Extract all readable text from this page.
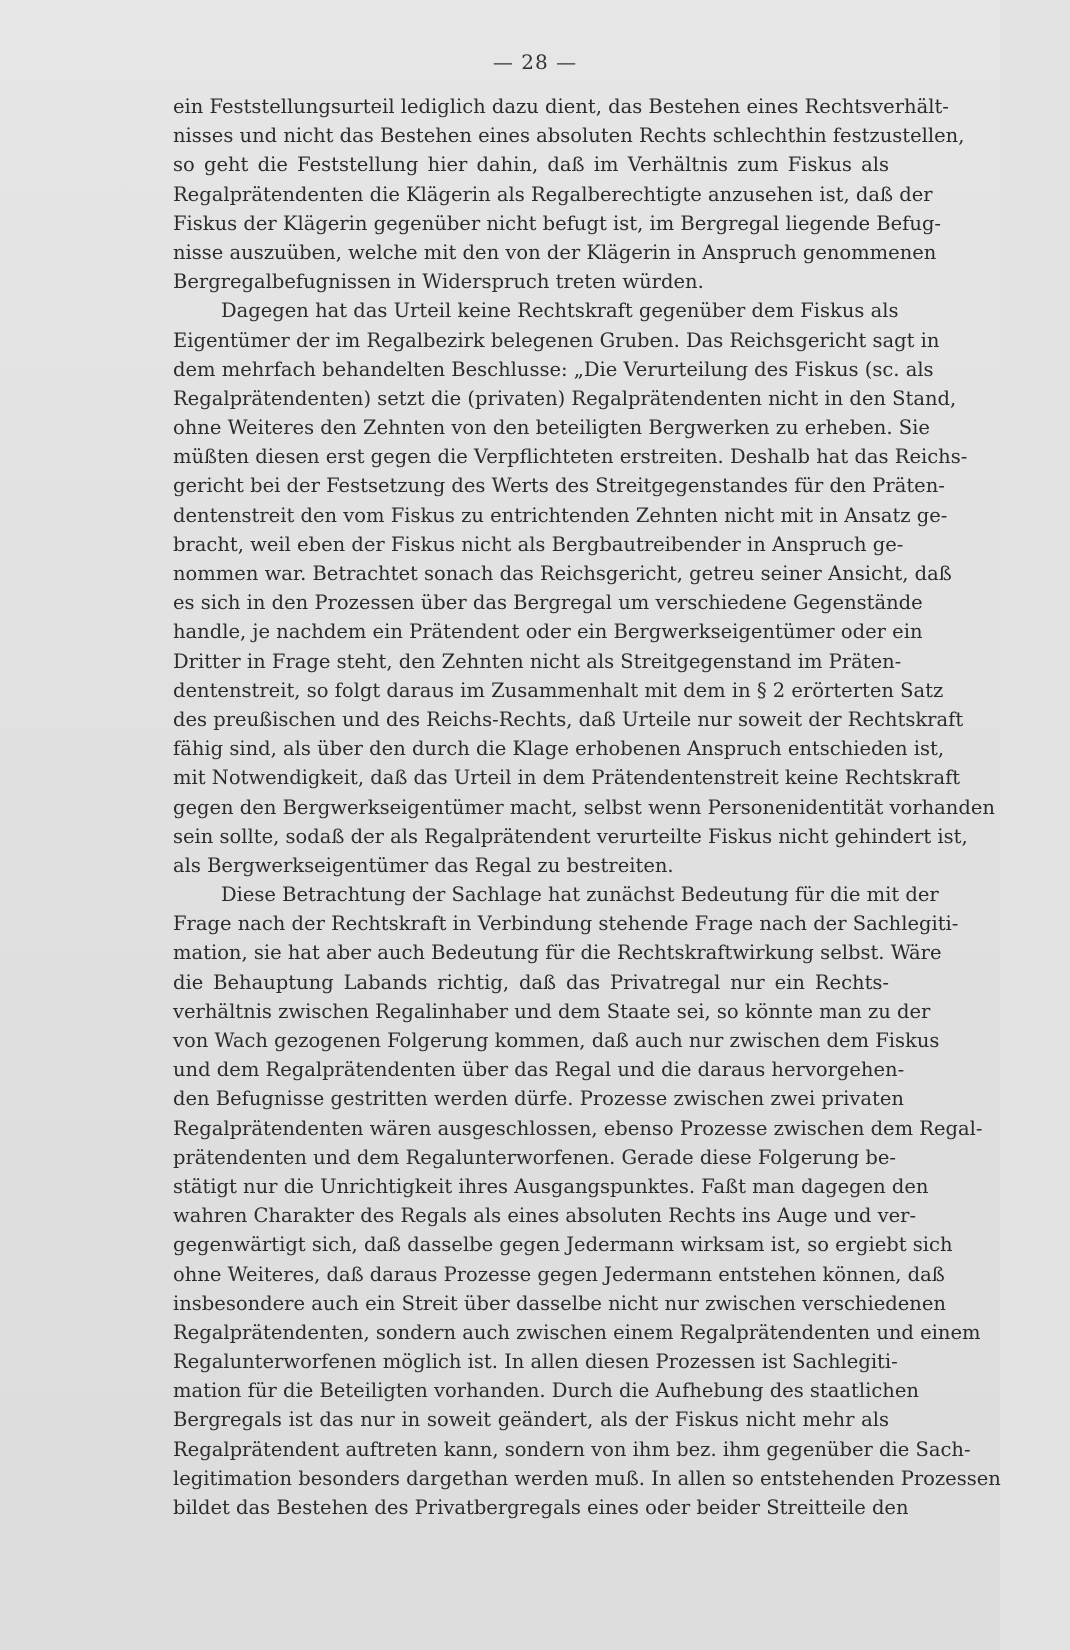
— 28 —
ein Feststellungsurteil lediglich dazu dient, das Bestehen eines Rechtsverhält-
nisses und nicht das Bestehen eines absoluten Rechts schlechthin festzustellen,
so geht die Feststellung hier dahin, daß im Verhältnis zum Fiskus als
Regalprätendenten die Klägerin als Regalberechtigte anzusehen ist, daß der
Fiskus der Klägerin gegenüber nicht befugt ist, im Bergregal liegende Befug-
nisse auszuüben, welche mit den von der Klägerin in Anspruch genommenen
Bergregalbefugnissen in Widerspruch treten würden.
Dagegen hat das Urteil keine Rechtskraft gegenüber dem Fiskus als
Eigentümer der im Regalbezirk belegenen Gruben. Das Reichsgericht sagt in
dem mehrfach behandelten Beschlusse: „Die Verurteilung des Fiskus (sc. als
Regalprätendenten) setzt die (privaten) Regalprätendenten nicht in den Stand,
ohne Weiteres den Zehnten von den beteiligten Bergwerken zu erheben. Sie
müßten diesen erst gegen die Verpflichteten erstreiten. Deshalb hat das Reichs-
gericht bei der Festsetzung des Werts des Streitgegenstandes für den Präten-
dentenstreit den vom Fiskus zu entrichtenden Zehnten nicht mit in Ansatz ge-
bracht, weil eben der Fiskus nicht als Bergbautreibender in Anspruch ge-
nommen war. Betrachtet sonach das Reichsgericht, getreu seiner Ansicht, daß
es sich in den Prozessen über das Bergregal um verschiedene Gegenstände
handle, je nachdem ein Prätendent oder ein Bergwerkseigentümer oder ein
Dritter in Frage steht, den Zehnten nicht als Streitgegenstand im Präten-
dentenstreit, so folgt daraus im Zusammenhalt mit dem in § 2 erörterten Satz
des preußischen und des Reichs-Rechts, daß Urteile nur soweit der Rechtskraft
fähig sind, als über den durch die Klage erhobenen Anspruch entschieden ist,
mit Notwendigkeit, daß das Urteil in dem Prätendentenstreit keine Rechtskraft
gegen den Bergwerkseigentümer macht, selbst wenn Personenidentität vorhanden
sein sollte, sodaß der als Regalprätendent verurteilte Fiskus nicht gehindert ist,
als Bergwerkseigentümer das Regal zu bestreiten.
Diese Betrachtung der Sachlage hat zunächst Bedeutung für die mit der
Frage nach der Rechtskraft in Verbindung stehende Frage nach der Sachlegiti-
mation, sie hat aber auch Bedeutung für die Rechtskraftwirkung selbst. Wäre
die Behauptung Labands richtig, daß das Privatregal nur ein Rechts-
verhältnis zwischen Regalinhaber und dem Staate sei, so könnte man zu der
von Wach gezogenen Folgerung kommen, daß auch nur zwischen dem Fiskus
und dem Regalprätendenten über das Regal und die daraus hervorgehen-
den Befugnisse gestritten werden dürfe. Prozesse zwischen zwei privaten
Regalprätendenten wären ausgeschlossen, ebenso Prozesse zwischen dem Regal-
prätendenten und dem Regalunterworfenen. Gerade diese Folgerung be-
stätigt nur die Unrichtigkeit ihres Ausgangspunktes. Faßt man dagegen den
wahren Charakter des Regals als eines absoluten Rechts ins Auge und ver-
gegenwärtigt sich, daß dasselbe gegen Jedermann wirksam ist, so ergiebt sich
ohne Weiteres, daß daraus Prozesse gegen Jedermann entstehen können, daß
insbesondere auch ein Streit über dasselbe nicht nur zwischen verschiedenen
Regalprätendenten, sondern auch zwischen einem Regalprätendenten und einem
Regalunterworfenen möglich ist. In allen diesen Prozessen ist Sachlegiti-
mation für die Beteiligten vorhanden. Durch die Aufhebung des staatlichen
Bergregals ist das nur in soweit geändert, als der Fiskus nicht mehr als
Regalprätendent auftreten kann, sondern von ihm bez. ihm gegenüber die Sach-
legitimation besonders dargethan werden muß. In allen so entstehenden Prozessen
bildet das Bestehen des Privatbergregals eines oder beider Streitteile den
